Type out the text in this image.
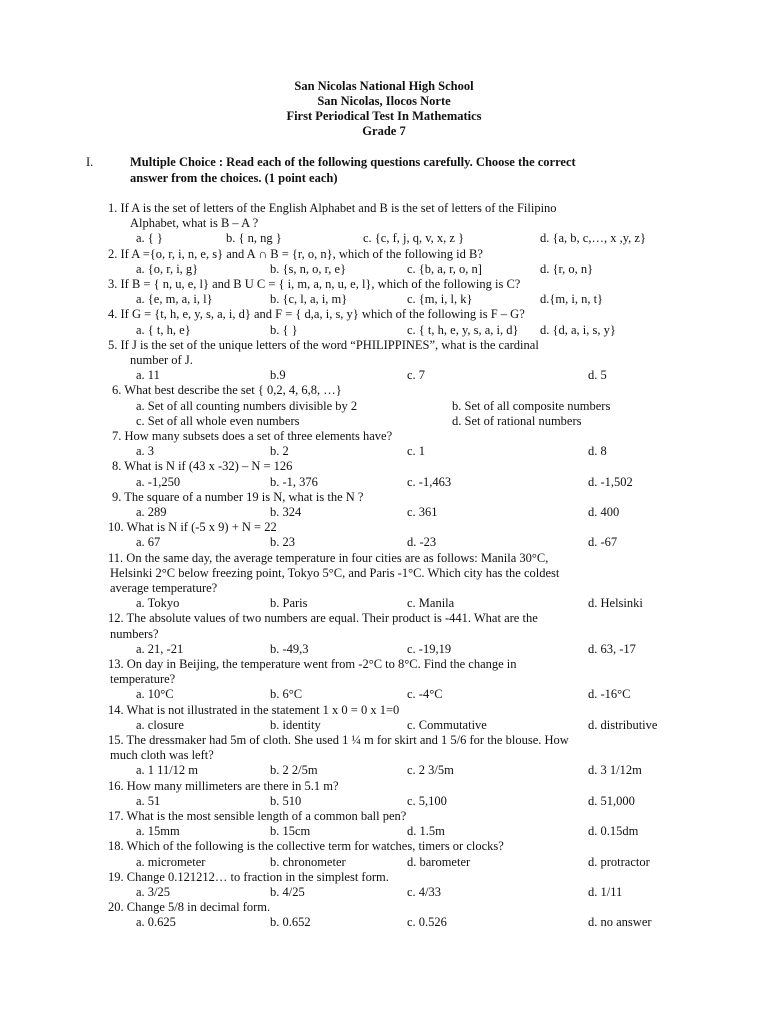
San Nicolas National High School
San Nicolas, Ilocos Norte
First Periodical Test In Mathematics
Grade 7
I.	Multiple Choice : Read each of the following questions carefully. Choose the correct
answer from the choices. (1 point each)
1. If A is the set of letters of the English Alphabet and B is the set of letters of the Filipino
Alphabet, what is B – A ?
a. { }	b. { n, ng }	c. {c, f, j, q, v, x, z }	d. {a, b, c,…, x ,y, z}
2. If A ={o, r, i, n, e, s} and A ∩ B = {r, o, n}, which of the following id B?
a. {o, r, i, g}	b. {s, n, o, r, e}	c. {b, a, r, o, n]	d. {r, o, n}
3. If B = { n, u, e, l} and B U C = { i, m, a, n, u, e, l}, which of the following is C?
a. {e, m, a, i, l}	b. {c, l, a, i, m}	c. {m, i, l, k}	d.{m, i, n, t}
4. If G = {t, h, e, y, s, a, i, d} and F = { d,a, i, s, y} which of the following is F – G?
a. { t, h, e}	b. { }	c. { t, h, e, y, s, a, i, d} d. {d, a, i, s, y}
5. If J is the set of the unique letters of the word “PHILIPPINES”, what is the cardinal
number of J.
a. 11	b.9	c. 7	d. 5
6. What best describe the set { 0,2, 4, 6,8, …}
a. Set of all counting numbers divisible by 2	b. Set of all composite numbers
c. Set of all whole even numbers	d. Set of rational numbers
7. How many subsets does a set of three elements have?
a. 3	b. 2	c. 1	d. 8
8. What is N if (43 x -32) – N = 126
a. -1,250	b. -1, 376	c. -1,463	d. -1,502
9. The square of a number 19 is N, what is the N ?
a. 289	b. 324	c. 361	d. 400
10. What is N if (-5 x 9) + N = 22
a. 67	b. 23	d. -23	d. -67
11. On the same day, the average temperature in four cities are as follows: Manila 30°C,
Helsinki 2°C below freezing point, Tokyo 5°C, and Paris -1°C. Which city has the coldest
average temperature?
a. Tokyo	b. Paris	c. Manila	d. Helsinki
12. The absolute values of two numbers are equal. Their product is -441. What are the
numbers?
a. 21, -21	b. -49,3	c. -19,19	d. 63, -17
13. On day in Beijing, the temperature went from -2°C to 8°C. Find the change in
temperature?
a. 10°C	b. 6°C	c. -4°C	d. -16°C
14. What is not illustrated in the statement 1 x 0 = 0 x 1=0
a. closure	b. identity	c. Commutative	d. distributive
15. The dressmaker had 5m of cloth. She used 1 ¼ m for skirt and 1 5/6 for the blouse. How
much cloth was left?
a. 1 11/12 m	b. 2 2/5m	c. 2 3/5m	d. 3 1/12m
16. How many millimeters are there in 5.1 m?
a. 51	b. 510	c. 5,100	d. 51,000
17. What is the most sensible length of a common ball pen?
a. 15mm	b. 15cm	d. 1.5m	d. 0.15dm
18. Which of the following is the collective term for watches, timers or clocks?
a. micrometer	b. chronometer	d. barometer	d. protractor
19. Change 0.121212… to fraction in the simplest form.
a. 3/25	b. 4/25	c. 4/33	d. 1/11
20. Change 5/8 in decimal form.
a. 0.625	b. 0.652	c. 0.526	d. no answer
